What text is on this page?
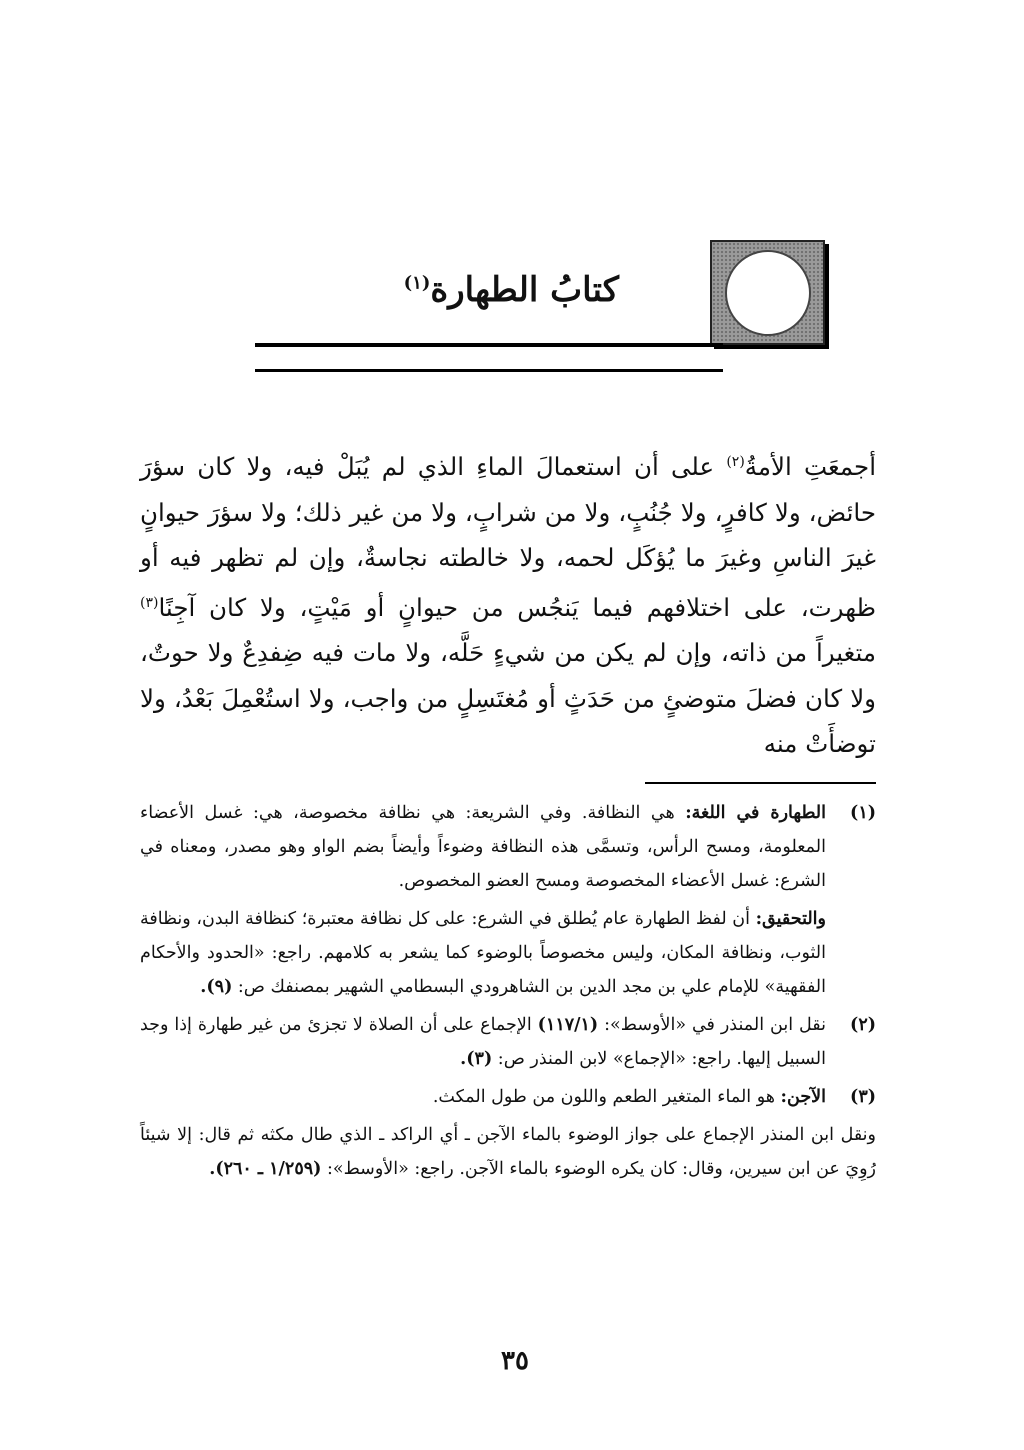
كتابُ الطهارة$^{(١)}$
أجمعَتِ الأمةُ$^{(٢)}$ على أن استعمالَ الماءِ الذي لم يُبَلْ فيه، ولا كان سؤرَ حائض، ولا كافرٍ، ولا جُنُبٍ، ولا من شرابٍ، ولا من غير ذلك؛ ولا سؤرَ حيوانٍ غيرَ الناسِ وغيرَ ما يُؤكَل لحمه، ولا خالطته نجاسةٌ، وإن لم تظهر فيه أو ظهرت، على اختلافهم فيما يَنجُس من حيوانٍ أو مَيْتٍ، ولا كان آجِنًا$^{(٣)}$ متغيراً من ذاته، وإن لم يكن من شيءٍ حَلَّه، ولا مات فيه ضِفدِعٌ ولا حوتٌ، ولا كان فضلَ متوضئٍ من حَدَثٍ أو مُغتَسِلٍ من واجب، ولا استُعْمِلَ بَعْدُ، ولا توضأَتْ منه
(١)
الطهارة في اللغة: هي النظافة. وفي الشريعة: هي نظافة مخصوصة، هي: غسل الأعضاء المعلومة، ومسح الرأس، وتسمَّى هذه النظافة وضوءاً وأيضاً بضم الواو وهو مصدر، ومعناه في الشرع: غسل الأعضاء المخصوصة ومسح العضو المخصوص.
والتحقيق: أن لفظ الطهارة عام يُطلق في الشرع: على كل نظافة معتبرة؛ كنظافة البدن، ونظافة الثوب، ونظافة المكان، وليس مخصوصاً بالوضوء كما يشعر به كلامهم. راجع: «الحدود والأحكام الفقهية» للإمام علي بن مجد الدين بن الشاهرودي البسطامي الشهير بمصنفك ص: (٩).
(٢)
نقل ابن المنذر في «الأوسط»: (١١٧/١) الإجماع على أن الصلاة لا تجزئ من غير طهارة إذا وجد السبيل إليها. راجع: «الإجماع» لابن المنذر ص: (٣).
(٣)
الآجن: هو الماء المتغير الطعم واللون من طول المكث.
ونقل ابن المنذر الإجماع على جواز الوضوء بالماء الآجن ـ أي الراكد ـ الذي طال مكثه ثم قال: إلا شيئاً رُوِيَ عن ابن سيرين، وقال: كان يكره الوضوء بالماء الآجن. راجع: «الأوسط»: (١/٢٥٩ ـ ٢٦٠).
٣٥
